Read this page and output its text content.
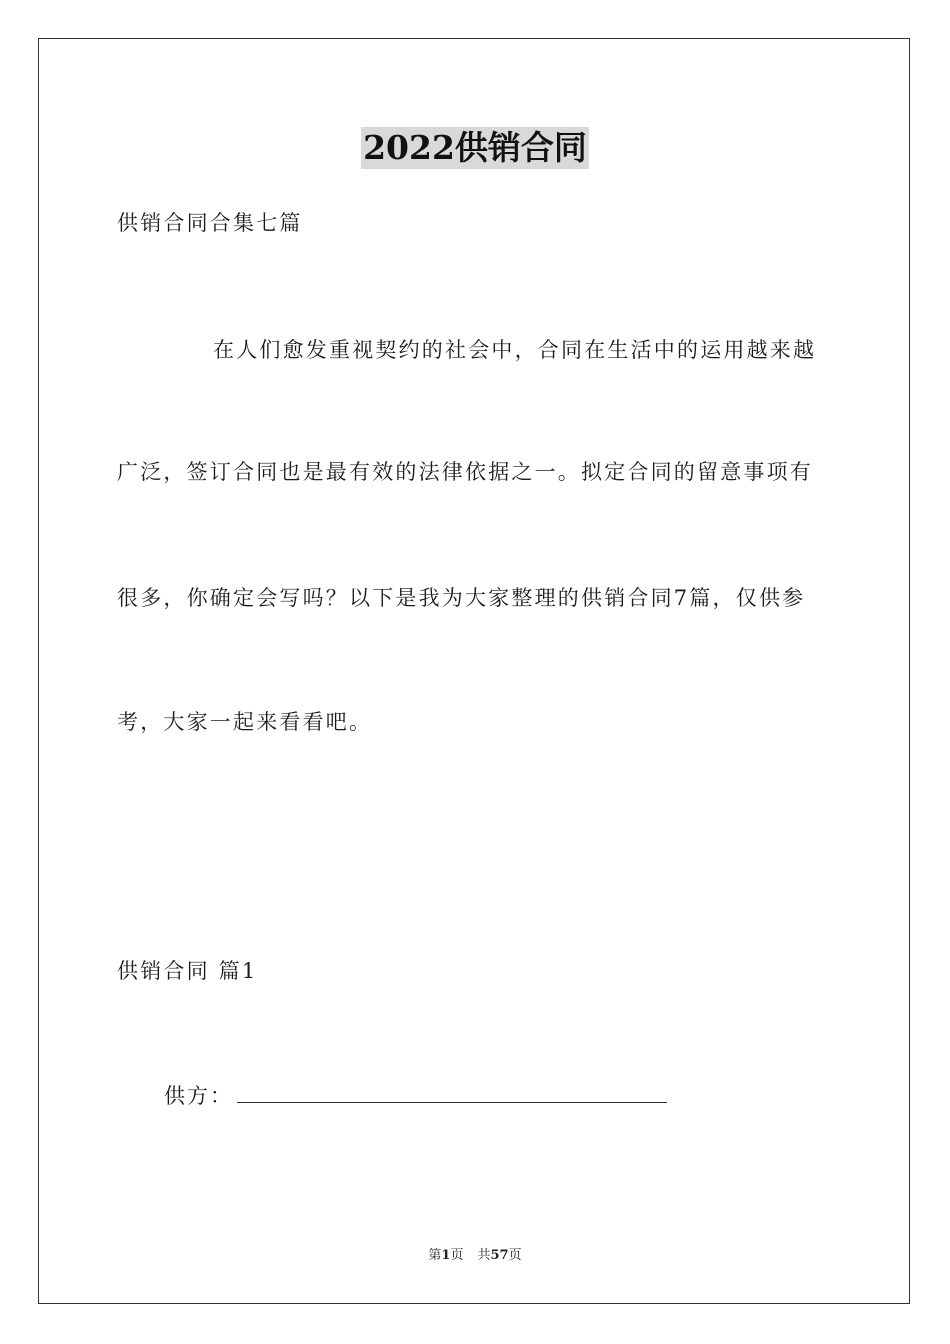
2022供销合同
供销合同合集七篇
在人们愈发重视契约的社会中，合同在生活中的运用越来越
广泛，签订合同也是最有效的法律依据之一。拟定合同的留意事项有
很多，你确定会写吗？以下是我为大家整理的供销合同7篇，仅供参
考，大家一起来看看吧。
供销合同 篇1
供方：
第1页 共57页
